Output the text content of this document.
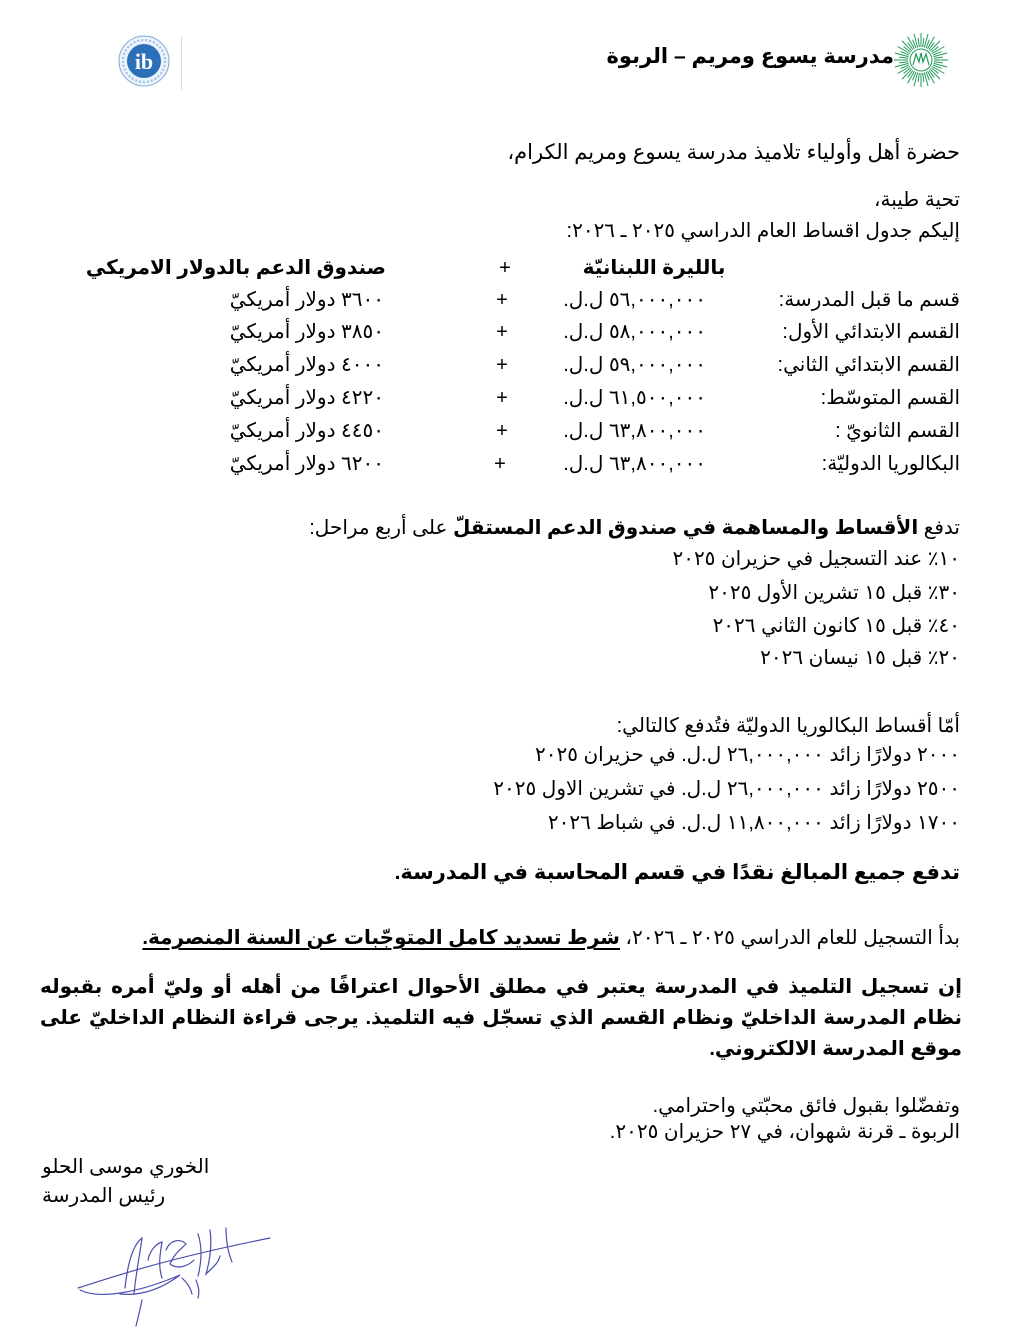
مدرسة يسوع ومريم – الربوة
ib
حضرة أهل وأولياء تلاميذ مدرسة يسوع ومريم الكرام،
تحية طيبة،
إليكم جدول اقساط العام الدراسي ٢٠٢٥ ـ ٢٠٢٦:
بالليرة اللبنانيّة
+
صندوق الدعم بالدولار الامريكي
قسم ما قبل المدرسة:
٥٦,٠٠٠,٠٠٠ ل.ل.
+
٣٦٠٠ دولار أمريكيّ
القسم الابتدائي الأول:
٥٨,٠٠٠,٠٠٠ ل.ل.
+
٣٨٥٠ دولار أمريكيّ
القسم الابتدائي الثاني:
٥٩,٠٠٠,٠٠٠ ل.ل.
+
٤٠٠٠ دولار أمريكيّ
القسم المتوسّط:
٦١,٥٠٠,٠٠٠ ل.ل.
+
٤٢٢٠ دولار أمريكيّ
القسم الثانويّ :
٦٣,٨٠٠,٠٠٠ ل.ل.
+
٤٤٥٠ دولار أمريكيّ
البكالوريا الدوليّة:
٦٣,٨٠٠,٠٠٠ ل.ل.
+
٦٢٠٠ دولار أمريكيّ
تدفع الأقساط والمساهمة في صندوق الدعم المستقلّ على أربع مراحل:
١٠٪ عند التسجيل في حزيران ٢٠٢٥
٣٠٪ قبل ١٥ تشرين الأول ٢٠٢٥
٤٠٪ قبل ١٥ كانون الثاني ٢٠٢٦
٢٠٪ قبل ١٥ نيسان ٢٠٢٦
أمّا أقساط البكالوريا الدوليّة فتُدفع كالتالي:
٢٠٠٠ دولارًا زائد ٢٦,٠٠٠,٠٠٠ ل.ل. في حزيران ٢٠٢٥
٢٥٠٠ دولارًا زائد ٢٦,٠٠٠,٠٠٠ ل.ل. في تشرين الاول ٢٠٢٥
١٧٠٠ دولارًا زائد ١١,٨٠٠,٠٠٠ ل.ل. في شباط ٢٠٢٦
تدفع جميع المبالغ نقدًا في قسم المحاسبة في المدرسة.
بدأ التسجيل للعام الدراسي ٢٠٢٥ ـ ٢٠٢٦، شرط تسديد كامل المتوجّبات عن السنة المنصرمة.
إن تسجيل التلميذ في المدرسة يعتبر في مطلق الأحوال اعترافًا من أهله أو وليّ أمره بقبوله نظام المدرسة الداخليّ ونظام القسم الذي تسجّل فيه التلميذ. يرجى قراءة النظام الداخليّ على موقع المدرسة الالكتروني.
وتفضّلوا بقبول فائق محبّتي واحترامي.
الربوة ـ قرنة شهوان، في ٢٧ حزيران ٢٠٢٥.
الخوري موسى الحلو
رئيس المدرسة
